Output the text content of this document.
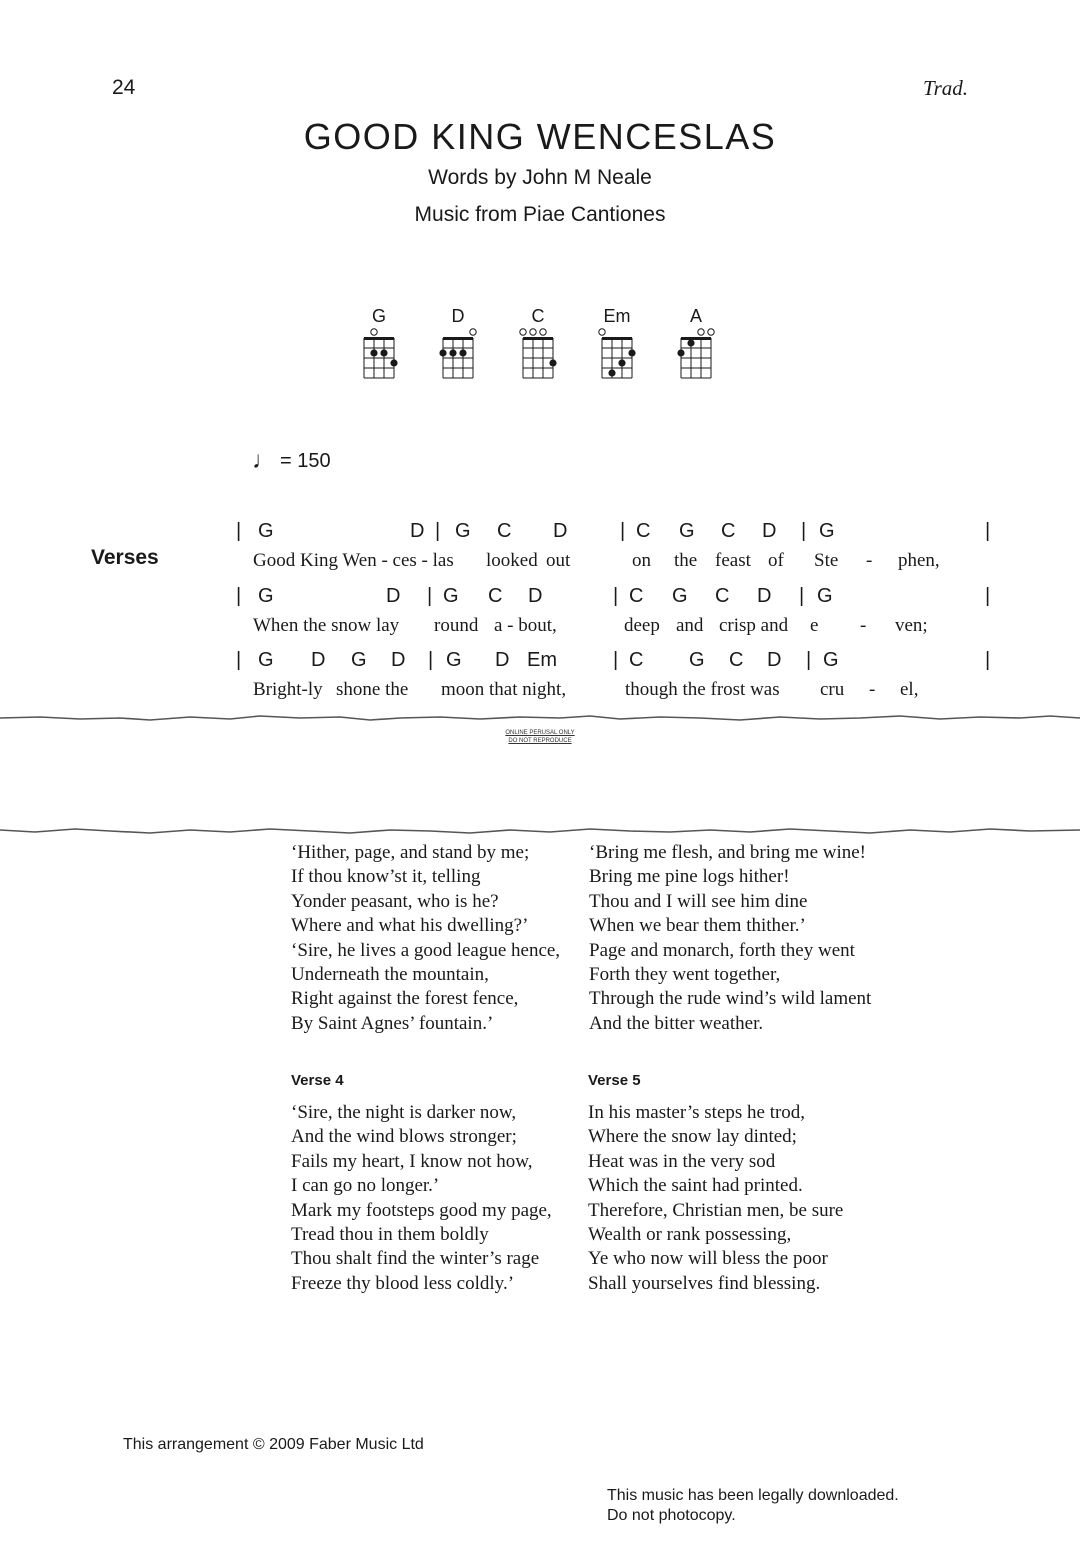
24	Trad.
GOOD KING WENCESLAS
Words by John M Neale
Music from Piae Cantiones
G	D	C	Em	A
♩ = 150
Verses
| G	D | G C D	| C G C D | G	|
Good King Wen - ces - las looked out	on the feast of Ste - phen,
| G	D | G C D	| C G C D | G	|
When the snow lay round a - bout,	deep and crisp and e - ven;
| G D G D | G D Em	| C G C D | G	|
Bright-ly shone the moon that night,	though the frost was cru - el,
ONLINE PERUSAL ONLY
DO NOT REPRODUCE
‘Hither, page, and stand by me;
If thou know’st it, telling
Yonder peasant, who is he?
Where and what his dwelling?’
‘Sire, he lives a good league hence,
Underneath the mountain,
Right against the forest fence,
By Saint Agnes’ fountain.’
‘Bring me flesh, and bring me wine!
Bring me pine logs hither!
Thou and I will see him dine
When we bear them thither.’
Page and monarch, forth they went
Forth they went together,
Through the rude wind’s wild lament
And the bitter weather.
Verse 4
‘Sire, the night is darker now,
And the wind blows stronger;
Fails my heart, I know not how,
I can go no longer.’
Mark my footsteps good my page,
Tread thou in them boldly
Thou shalt find the winter’s rage
Freeze thy blood less coldly.’
Verse 5
In his master’s steps he trod,
Where the snow lay dinted;
Heat was in the very sod
Which the saint had printed.
Therefore, Christian men, be sure
Wealth or rank possessing,
Ye who now will bless the poor
Shall yourselves find blessing.
This arrangement © 2009 Faber Music Ltd
This music has been legally downloaded.
Do not photocopy.
